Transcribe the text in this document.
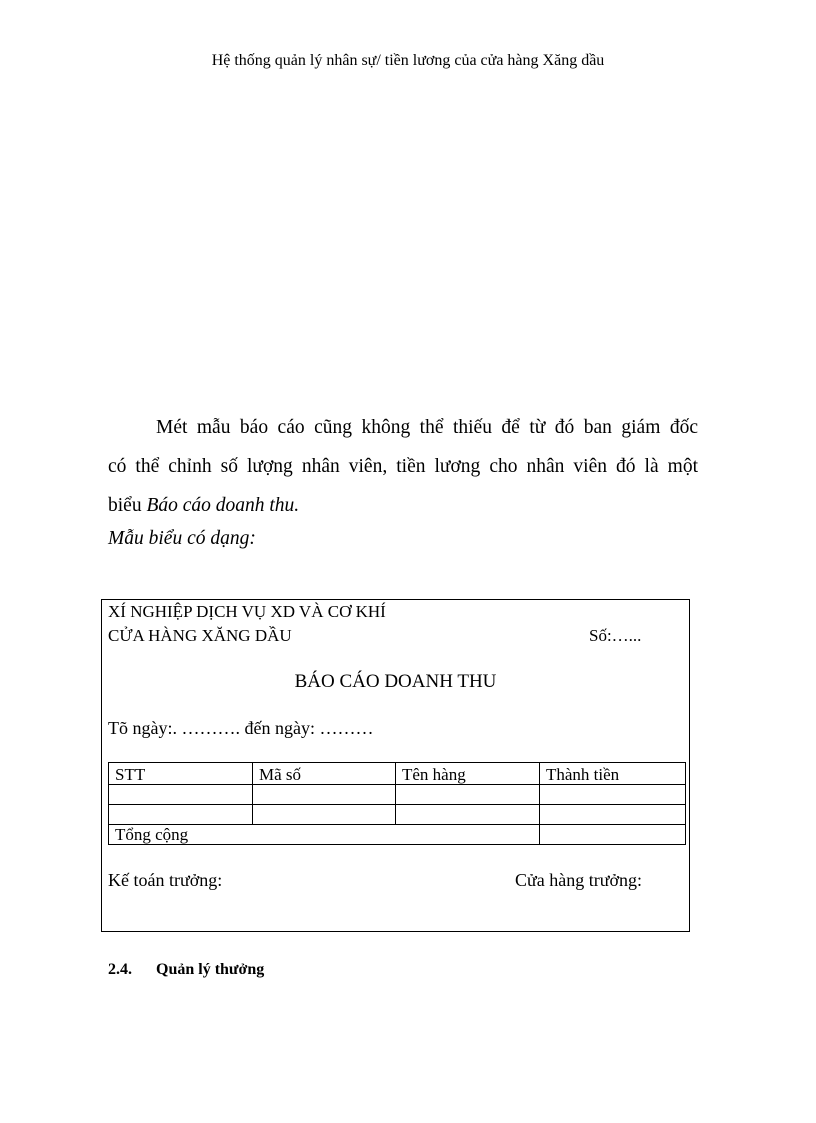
Hệ thống quản lý nhân sự/ tiền lương của cửa hàng Xăng dầu
Mét mẫu báo cáo cũng không thể thiếu để từ đó ban giám đốc
có thể chỉnh số lượng nhân viên, tiền lương cho nhân viên đó là một
biểu Báo cáo doanh thu.
Mẫu biểu có dạng:
XÍ NGHIỆP DỊCH VỤ XD VÀ CƠ KHÍ
CỬA HÀNG XĂNG DẦU	Số:…...
BÁO CÁO DOANH THU
Tõ ngày:. ………. đến ngày: ………
STT	Mã số	Tên hàng	Thành tiền

Tổng cộng			
Kế toán trưởng:	Cửa hàng trưởng:
2.4. Quản lý thưởng
